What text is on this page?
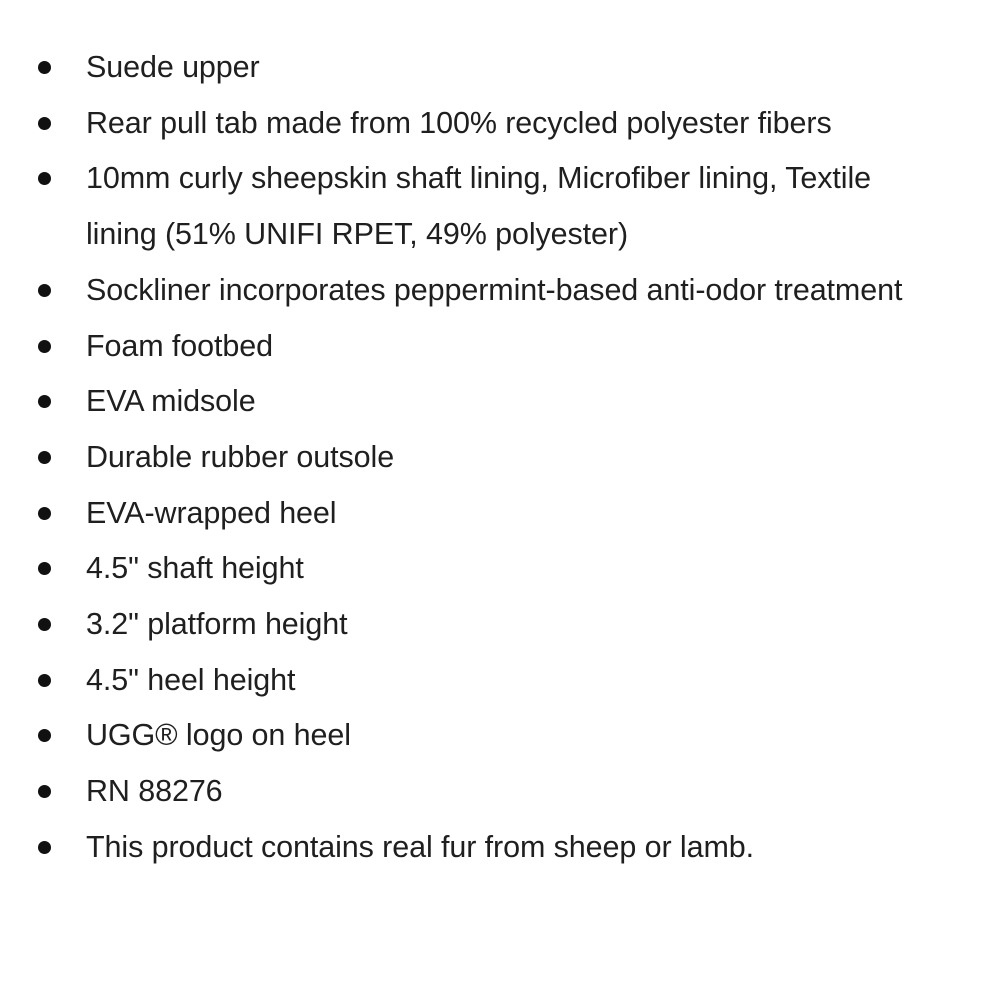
Suede upper
Rear pull tab made from 100% recycled polyester fibers
10mm curly sheepskin shaft lining, Microfiber lining, Textile lining (51% UNIFI RPET, 49% polyester)
Sockliner incorporates peppermint-based anti-odor treatment
Foam footbed
EVA midsole
Durable rubber outsole
EVA-wrapped heel
4.5" shaft height
3.2" platform height
4.5" heel height
UGG® logo on heel
RN 88276
This product contains real fur from sheep or lamb.
